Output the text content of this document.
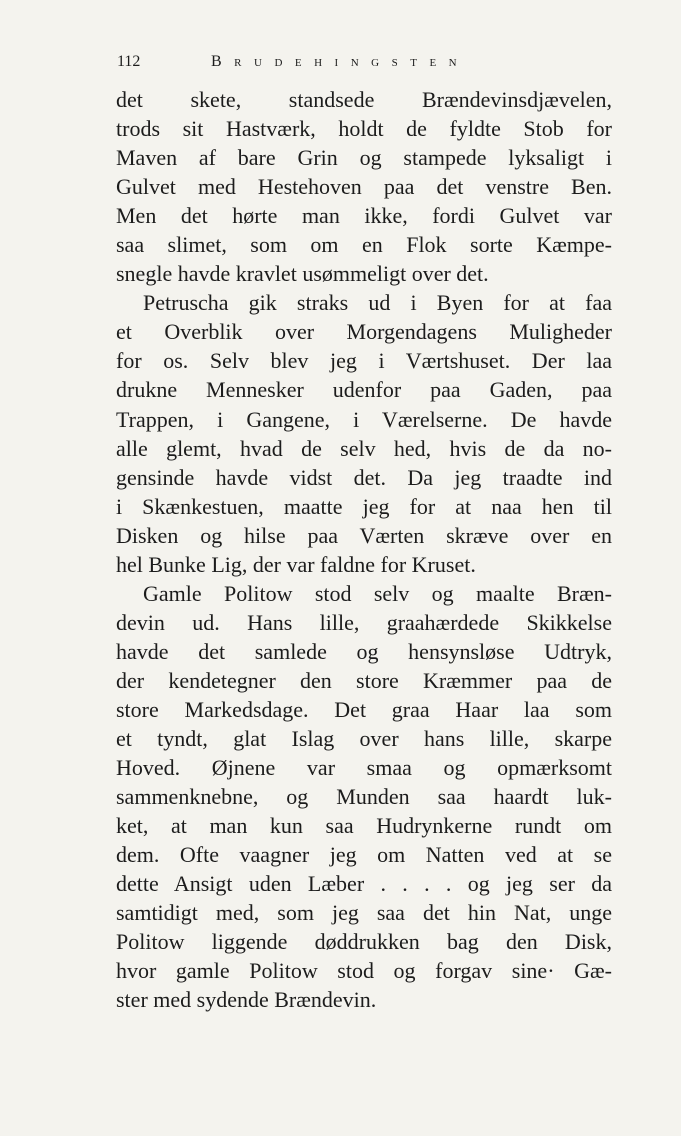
112	Brudehingsten
det skete, standsede Brændevinsdjævelen,
trods sit Hastværk, holdt de fyldte Stob for
Maven af bare Grin og stampede lyksaligt i
Gulvet med Hestehoven paa det venstre Ben.
Men det hørte man ikke, fordi Gulvet var
saa slimet, som om en Flok sorte Kæmpe-
snegle havde kravlet usømmeligt over det.
Petruscha gik straks ud i Byen for at faa
et Overblik over Morgendagens Muligheder
for os. Selv blev jeg i Værtshuset. Der laa
drukne Mennesker udenfor paa Gaden, paa
Trappen, i Gangene, i Værelserne. De havde
alle glemt, hvad de selv hed, hvis de da no-
gensinde havde vidst det. Da jeg traadte ind
i Skænkestuen, maatte jeg for at naa hen til
Disken og hilse paa Værten skræve over en
hel Bunke Lig, der var faldne for Kruset.
Gamle Politow stod selv og maalte Bræn-
devin ud. Hans lille, graahærdede Skikkelse
havde det samlede og hensynsløse Udtryk,
der kendetegner den store Kræmmer paa de
store Markedsdage. Det graa Haar laa som
et tyndt, glat Islag over hans lille, skarpe
Hoved. Øjnene var smaa og opmærksomt
sammenknebne, og Munden saa haardt luk-
ket, at man kun saa Hudrynkerne rundt om
dem. Ofte vaagner jeg om Natten ved at se
dette Ansigt uden Læber . . . . og jeg ser da
samtidigt med, som jeg saa det hin Nat, unge
Politow liggende døddrukken bag den Disk,
hvor gamle Politow stod og forgav sine· Gæ-
ster med sydende Brændevin.
